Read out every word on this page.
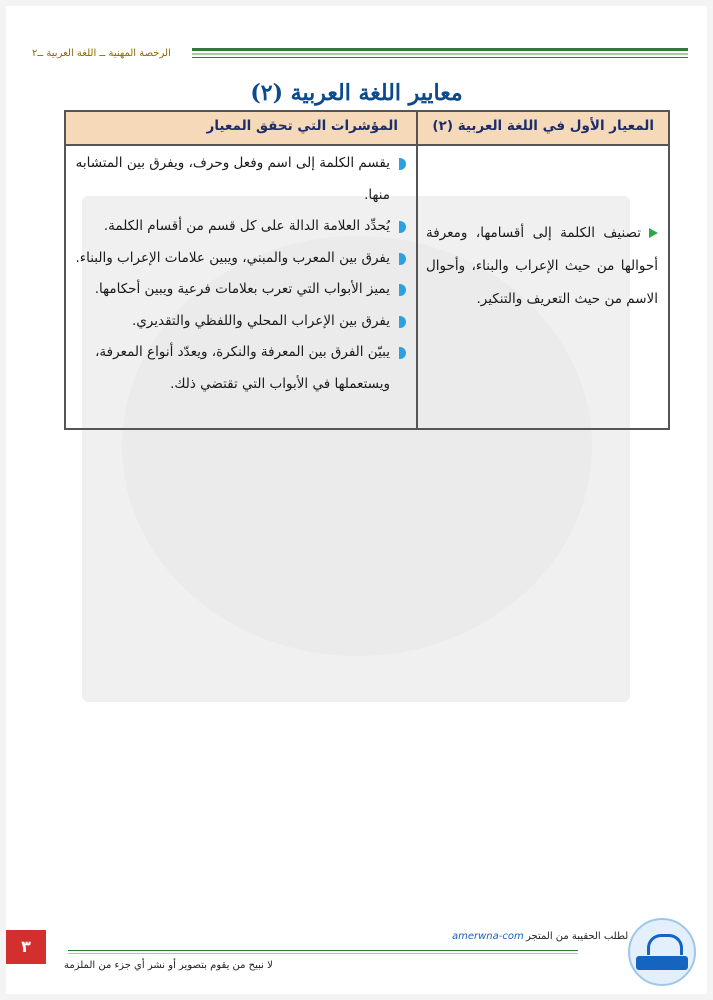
الرخصة المهنية ــ اللغة العربية ــ٢
معايير اللغة العربية (٢)
المعيار الأول في اللغة العربية (٢)
المؤشرات التي تحقق المعيار
تصنيف الكلمة إلى أقسامها، ومعرفة أحوالها من حيث الإعراب والبناء، وأحوال الاسم من حيث التعريف والتنكير.
يقسم الكلمة إلى اسم وفعل وحرف، ويفرق بين المتشابه منها.
يُحدِّد العلامة الدالة على كل قسم من أقسام الكلمة.
يفرق بين المعرب والمبني، ويبين علامات الإعراب والبناء.
يميز الأبواب التي تعرب بعلامات فرعية ويبين أحكامها.
يفرق بين الإعراب المحلي واللفظي والتقديري.
يبيّن الفرق بين المعرفة والنكرة، ويعدّد أنواع المعرفة، ويستعملها في الأبواب التي تقتضي ذلك.
amerwna-com لطلب الحقيبة من المتجر
لا نبيح من يقوم بتصوير أو نشر أي جزء من الملزمة
٣
